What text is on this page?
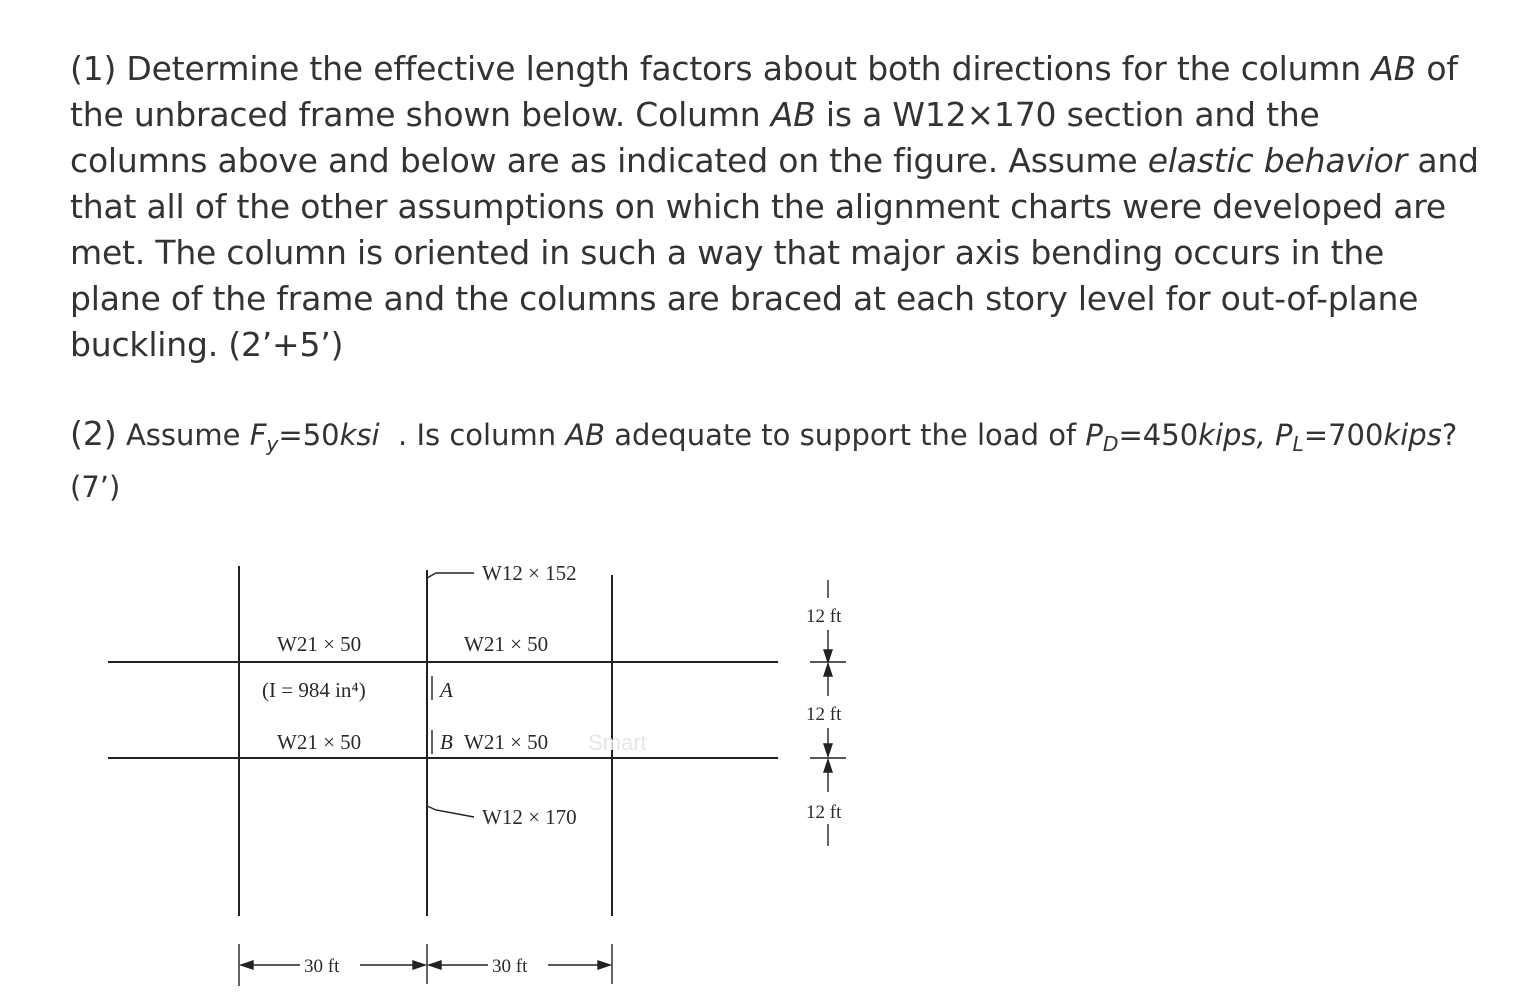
(1) Determine the effective length factors about both directions for the column AB of
the unbraced frame shown below. Column AB is a W12×170 section and the
columns above and below are as indicated on the figure. Assume elastic behavior and
that all of the other assumptions on which the alignment charts were developed are
met. The column is oriented in such a way that major axis bending occurs in the
plane of the frame and the columns are braced at each story level for out-of-plane
buckling. (2’+5’)
(2) Assume $F_y=50ksi$  . Is column AB adequate to support the load of $P_D=450kips$, $P_L=700kips$?
(7’)
Smart
W12 × 152
W21 × 50	W21 × 50
(I = 984 in⁴)	A
W21 × 50	B W21 × 50
W12 × 170
12 ft
12 ft
12 ft
30 ft	30 ft
